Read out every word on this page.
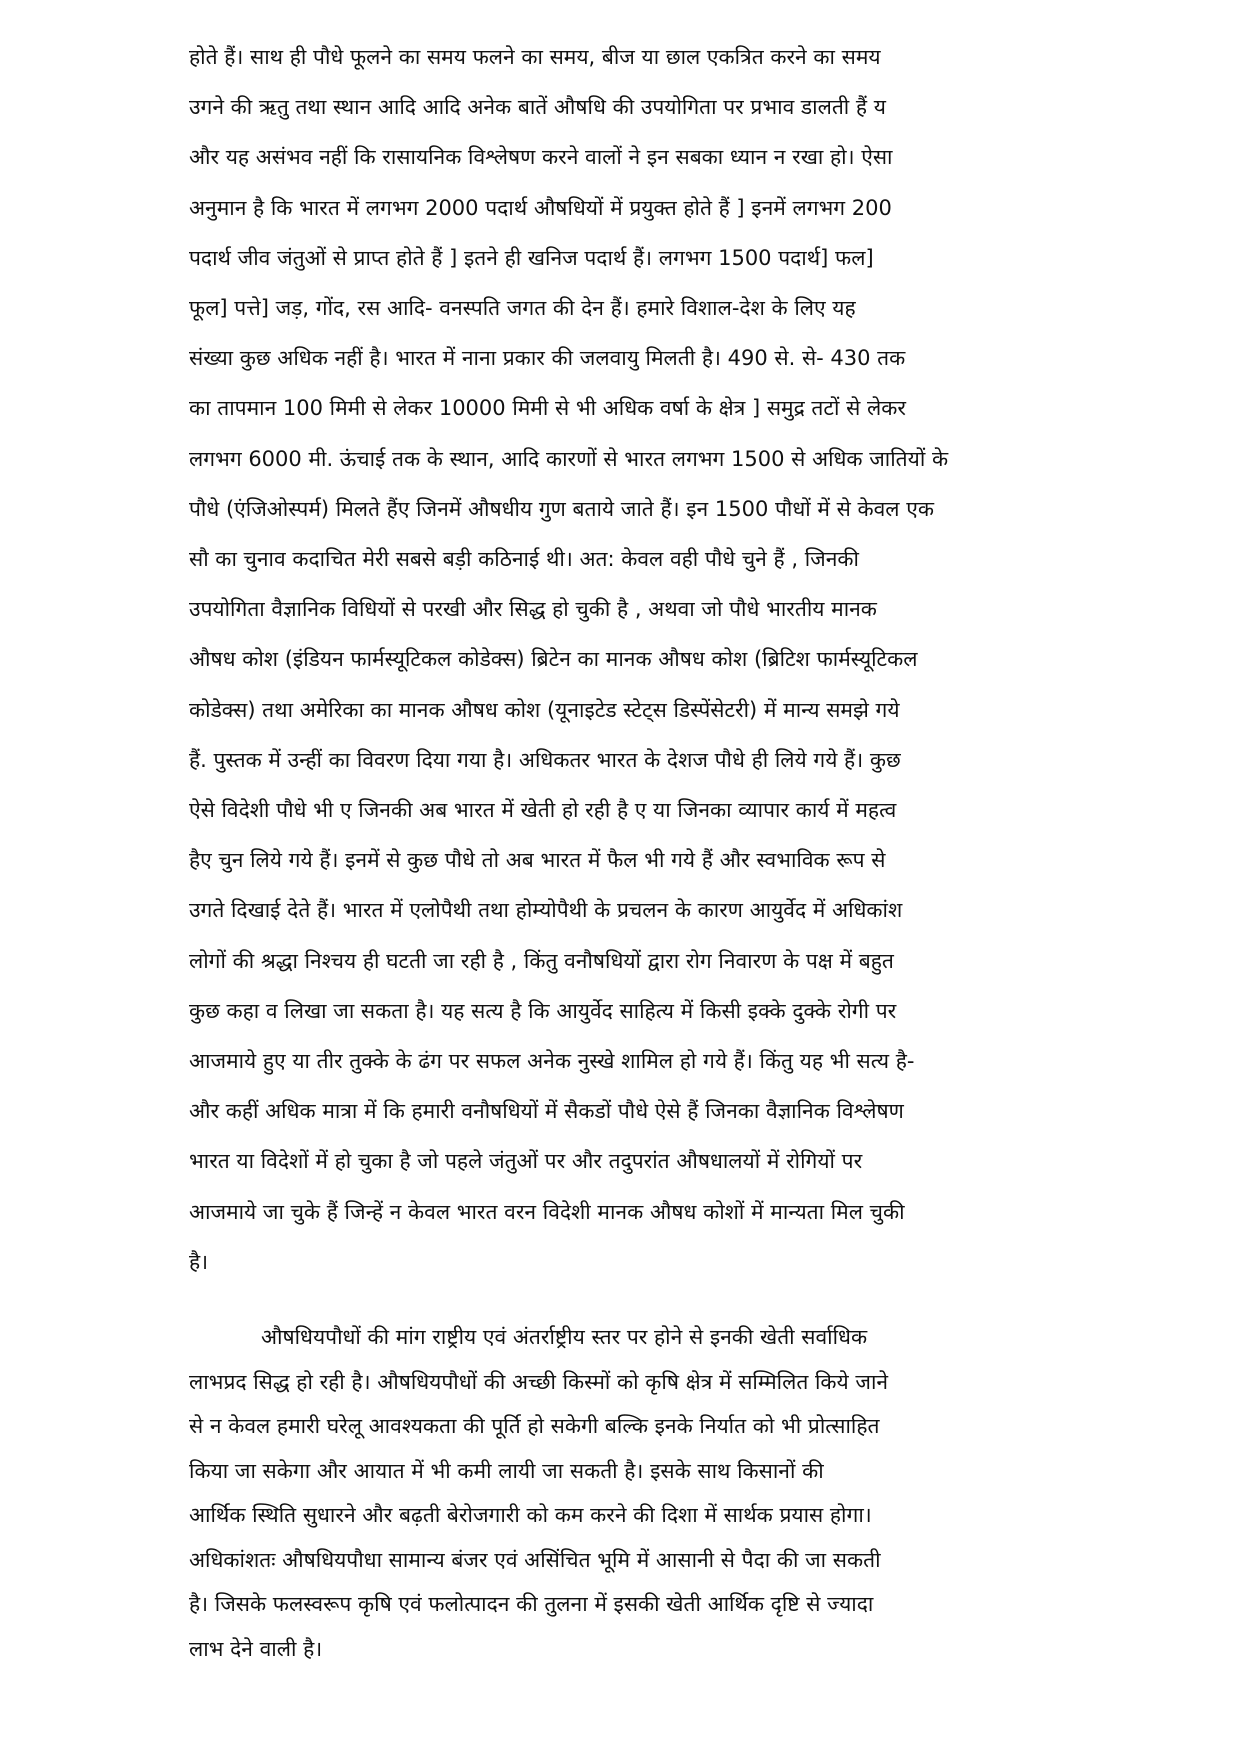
होते हैं। साथ ही पौधे फूलने का समय फलने का समय, बीज या छाल एकत्रित करने का समय

उगने की ऋतु तथा स्थान आदि आदि अनेक बातें औषधि की उपयोगिता पर प्रभाव डालती हैं य

और यह असंभव नहीं कि रासायनिक विश्लेषण करने वालों ने इन सबका ध्यान न रखा हो। ऐसा

अनुमान है कि भारत में लगभग 2000 पदार्थ औषधियों में प्रयुक्त होते हैं ] इनमें लगभग 200

पदार्थ जीव जंतुओं से प्राप्त होते हैं ] इतने ही खनिज पदार्थ हैं। लगभग 1500 पदार्थ] फल]

फूल] पत्ते] जड़, गोंद, रस आदि- वनस्पति जगत की देन हैं। हमारे विशाल-देश के लिए यह

संख्या कुछ अधिक नहीं है। भारत में नाना प्रकार की जलवायु मिलती है। 490 से. से- 430 तक

का तापमान 100 मिमी से लेकर 10000 मिमी से भी अधिक वर्षा के क्षेत्र ] समुद्र तटों से लेकर

लगभग 6000 मी. ऊंचाई तक के स्थान, आदि कारणों से भारत लगभग 1500 से अधिक जातियों के

पौधे (एंजिओस्पर्म) मिलते हैंए जिनमें औषधीय गुण बताये जाते हैं। इन 1500 पौधों में से केवल एक

सौ का चुनाव कदाचित मेरी सबसे बड़ी कठिनाई थी। अत: केवल वही पौधे चुने हैं , जिनकी

उपयोगिता वैज्ञानिक विधियों से परखी और सिद्ध हो चुकी है , अथवा जो पौधे भारतीय मानक

औषध कोश (इंडियन फार्मस्यूटिकल कोडेक्स) ब्रिटेन का मानक औषध कोश (ब्रिटिश फार्मस्यूटिकल

कोडेक्स) तथा अमेरिका का मानक औषध कोश (यूनाइटेड स्टेट्स डिस्पेंसेटरी) में मान्य समझे गये

हैं. पुस्तक में उन्हीं का विवरण दिया गया है। अधिकतर भारत के देशज पौधे ही लिये गये हैं। कुछ

ऐसे विदेशी पौधे भी ए जिनकी अब भारत में खेती हो रही है ए या जिनका व्यापार कार्य में महत्व

हैए चुन लिये गये हैं। इनमें से कुछ पौधे तो अब भारत में फैल भी गये हैं और स्वभाविक रूप से

उगते दिखाई देते हैं। भारत में एलोपैथी तथा होम्योपैथी के प्रचलन के कारण आयुर्वेद में अधिकांश

लोगों की श्रद्धा निश्चय ही घटती जा रही है , किंतु वनौषधियों द्वारा रोग निवारण के पक्ष में बहुत

कुछ कहा व लिखा जा सकता है। यह सत्य है कि आयुर्वेद साहित्य में किसी इक्के दुक्के रोगी पर

आजमाये हुए या तीर तुक्के के ढंग पर सफल अनेक नुस्खे शामिल हो गये हैं। किंतु यह भी सत्य है-

और कहीं अधिक मात्रा में कि हमारी वनौषधियों में सैकडों पौधे ऐसे हैं जिनका वैज्ञानिक विश्लेषण

भारत या विदेशों में हो चुका है जो पहले जंतुओं पर और तदुपरांत औषधालयों में रोगियों पर

आजमाये जा चुके हैं जिन्हें न केवल भारत वरन विदेशी मानक औषध कोशों में मान्यता मिल चुकी

है।

औषधियपौधों की मांग राष्ट्रीय एवं अंतर्राष्ट्रीय स्तर पर होने से इनकी खेती सर्वाधिक

लाभप्रद सिद्ध हो रही है। औषधियपौधों की अच्छी किस्मों को कृषि क्षेत्र में सम्मिलित किये जाने

से न केवल हमारी घरेलू आवश्यकता की पूर्ति हो सकेगी बल्कि इनके निर्यात को भी प्रोत्साहित

किया जा सकेगा और आयात में भी कमी लायी जा सकती है। इसके साथ किसानों की

आर्थिक स्थिति सुधारने और बढ़ती बेरोजगारी को कम करने की दिशा में सार्थक प्रयास होगा।

अधिकांशतः औषधियपौधा सामान्य बंजर एवं असिंचित भूमि में आसानी से पैदा की जा सकती

है। जिसके फलस्वरूप कृषि एवं फलोत्पादन की तुलना में इसकी खेती आर्थिक दृष्टि से ज्यादा

लाभ देने वाली है।
